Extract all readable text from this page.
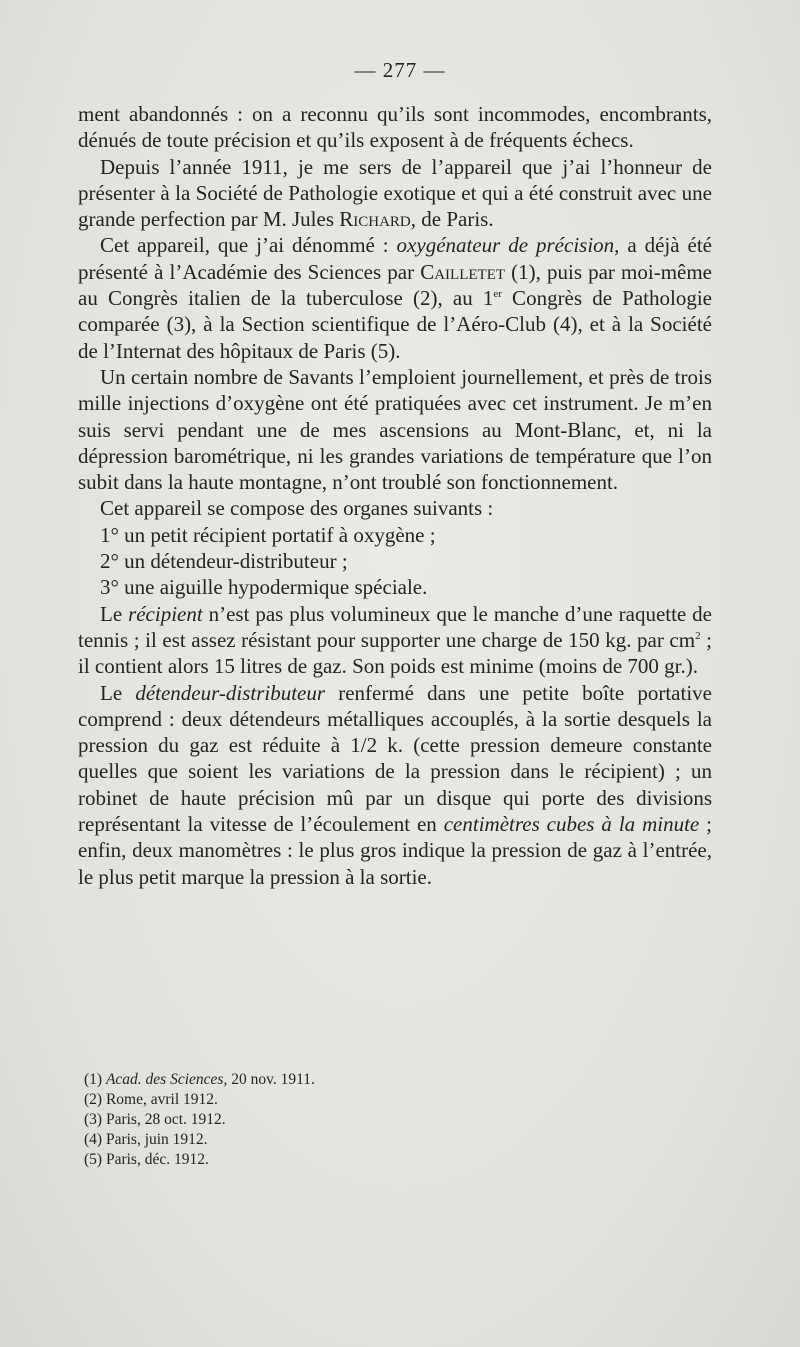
— 277 —

ment abandonnés : on a reconnu qu’ils sont incommodes, encombrants, dénués de toute précision et qu’ils exposent à de fréquents échecs.

Depuis l’année 1911, je me sers de l’appareil que j’ai l’honneur de présenter à la Société de Pathologie exotique et qui a été construit avec une grande perfection par M. Jules Richard, de Paris.

Cet appareil, que j’ai dénommé : oxygénateur de précision, a déjà été présenté à l’Académie des Sciences par Cailletet (1), puis par moi-même au Congrès italien de la tuberculose (2), au 1er Congrès de Pathologie comparée (3), à la Section scientifique de l’Aéro-Club (4), et à la Société de l’Internat des hôpitaux de Paris (5).

Un certain nombre de Savants l’emploient journellement, et près de trois mille injections d’oxygène ont été pratiquées avec cet instrument. Je m’en suis servi pendant une de mes ascensions au Mont-Blanc, et, ni la dépression barométrique, ni les grandes variations de température que l’on subit dans la haute montagne, n’ont troublé son fonctionnement.

Cet appareil se compose des organes suivants :

1° un petit récipient portatif à oxygène ;

2° un détendeur-distributeur ;

3° une aiguille hypodermique spéciale.

Le récipient n’est pas plus volumineux que le manche d’une raquette de tennis ; il est assez résistant pour supporter une charge de 150 kg. par $cm^2$ ; il contient alors 15 litres de gaz. Son poids est minime (moins de 700 gr.).

Le détendeur-distributeur renfermé dans une petite boîte portative comprend : deux détendeurs métalliques accouplés, à la sortie desquels la pression du gaz est réduite à 1/2 k. (cette pression demeure constante quelles que soient les variations de la pression dans le récipient) ; un robinet de haute précision mû par un disque qui porte des divisions représentant la vitesse de l’écoulement en centimètres cubes à la minute ; enfin, deux manomètres : le plus gros indique la pression de gaz à l’entrée, le plus petit marque la pression à la sortie.

(1) Acad. des Sciences, 20 nov. 1911.

(2) Rome, avril 1912.

(3) Paris, 28 oct. 1912.

(4) Paris, juin 1912.

(5) Paris, déc. 1912.
